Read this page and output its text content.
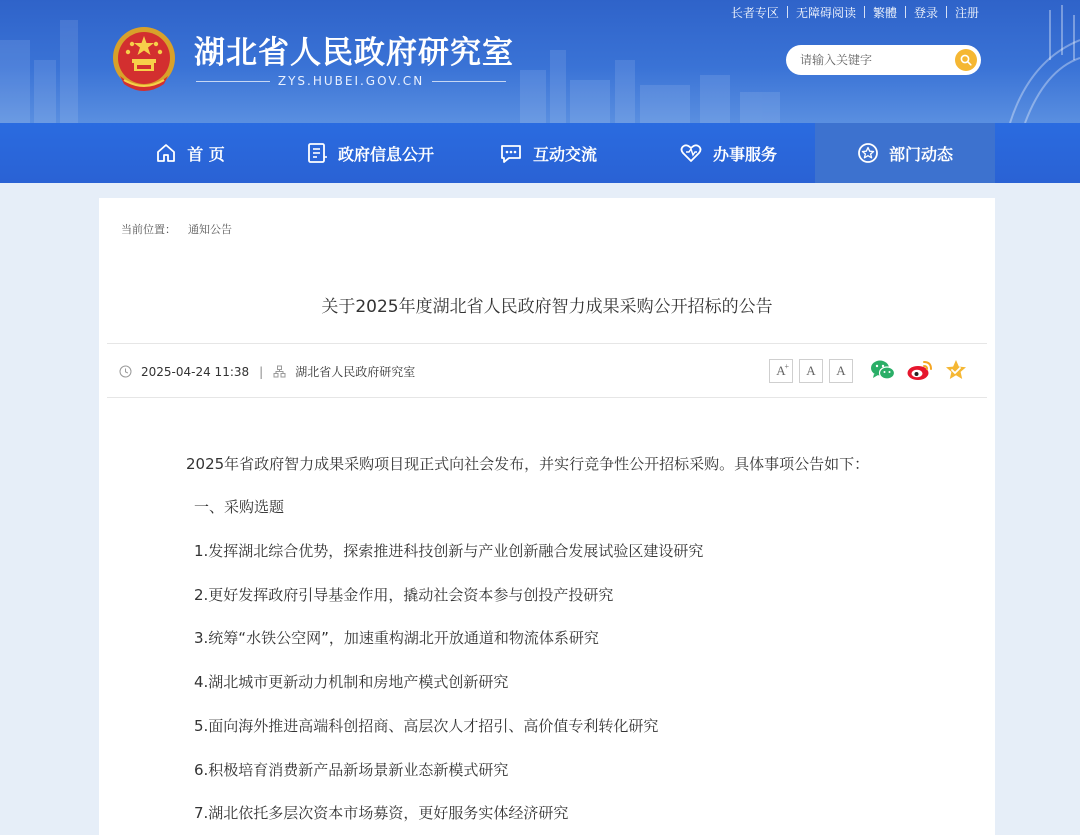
长者专区	无障碍阅读	繁體	登录	注册
湖北省人民政府研究室
ZYS.HUBEI.GOV.CN
请输入关键字
首 页	政府信息公开	互动交流	办事服务	部门动态
当前位置： 通知公告
关于2025年度湖北省人民政府智力成果采购公开招标的公告
2025-04-24 11:38 |	湖北省人民政府研究室	A
+ A A
2025年省政府智力成果采购项目现正式向社会发布，并实行竞争性公开招标采购。具体事项公告如下：
一、采购选题
1.发挥湖北综合优势，探索推进科技创新与产业创新融合发展试验区建设研究
2.更好发挥政府引导基金作用，撬动社会资本参与创投产投研究
3.统筹“水铁公空网”，加速重构湖北开放通道和物流体系研究
4.湖北城市更新动力机制和房地产模式创新研究
5.面向海外推进高端科创招商、高层次人才招引、高价值专利转化研究
6.积极培育消费新产品新场景新业态新模式研究
7.湖北依托多层次资本市场募资，更好服务实体经济研究
